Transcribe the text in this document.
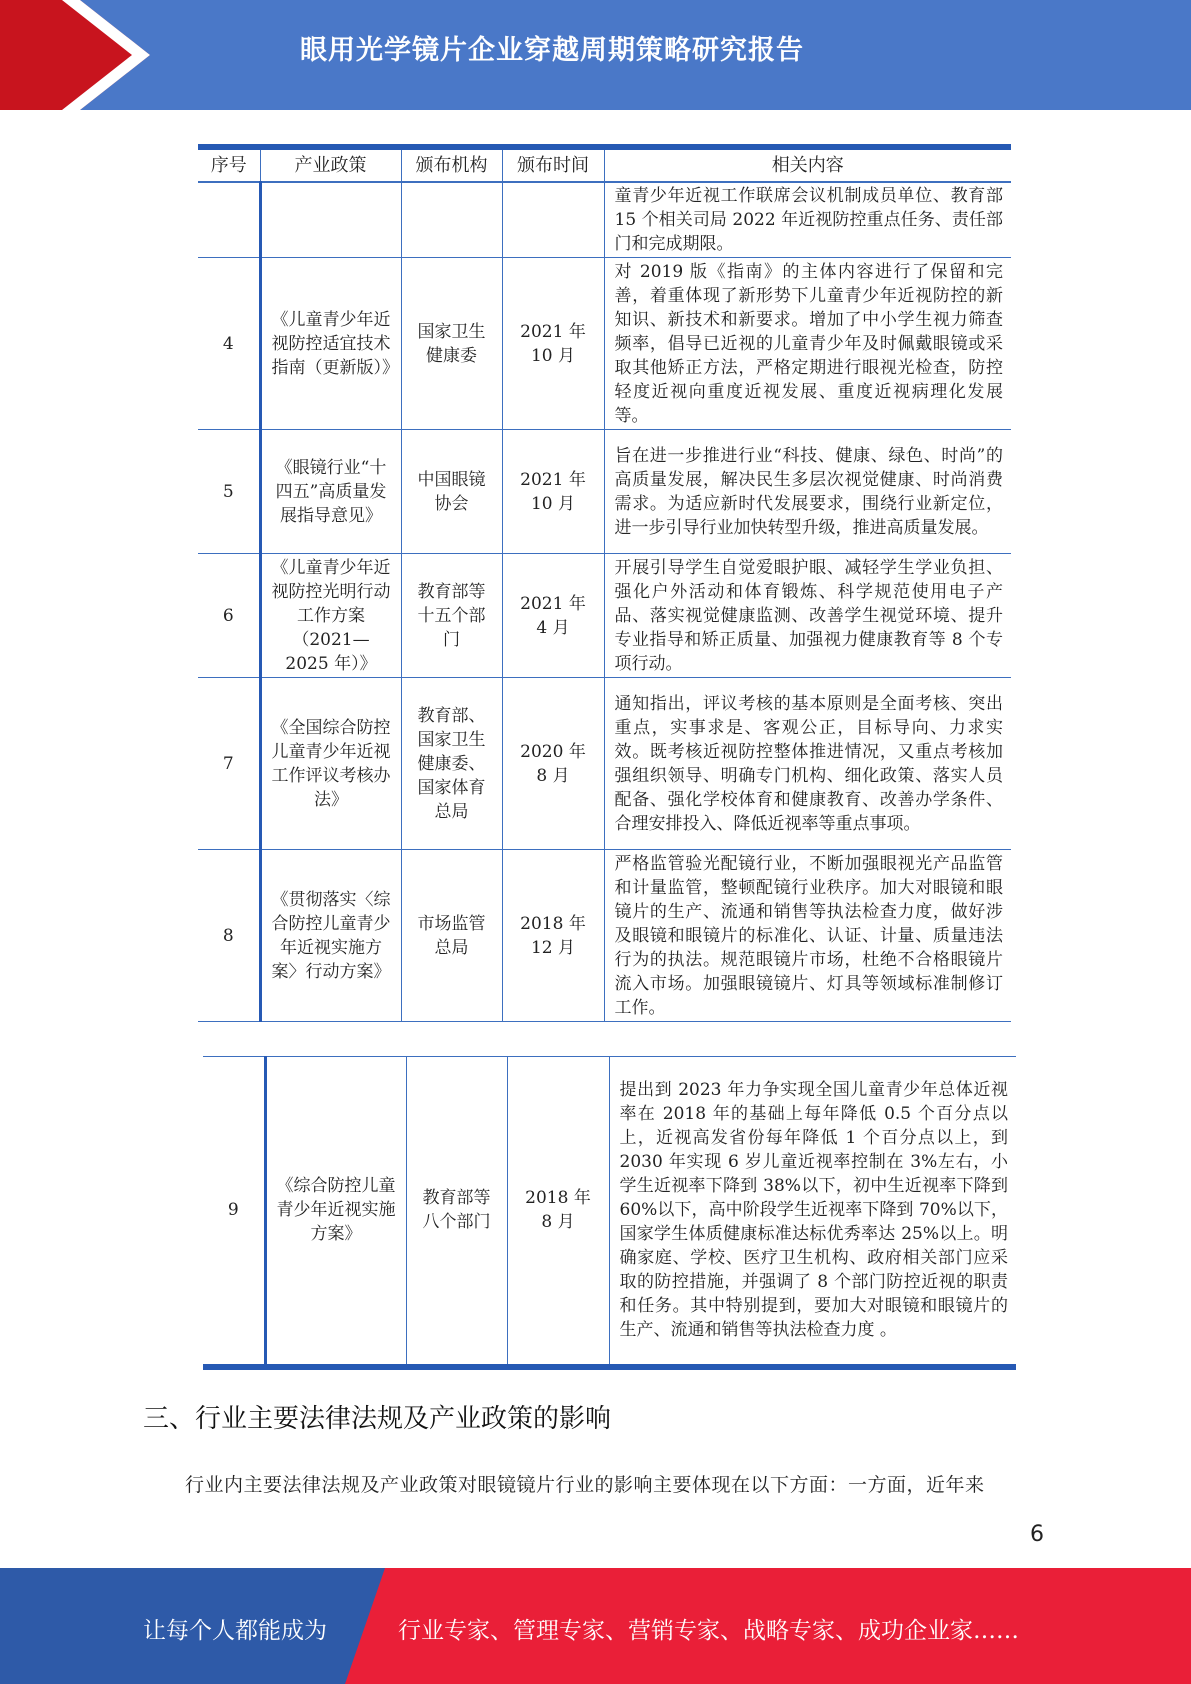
眼用光学镜片企业穿越周期策略研究报告
序号	产业政策	颁布机构	颁布时间	相关内容
				童青少年近视工作联席会议机制成员单位、教育部 15 个相关司局 2022 年近视防控重点任务、责任部门和完成期限。
4	《儿童青少年近视防控适宜技术指南（更新版）》	国家卫生健康委	2021 年 10 月	对 2019 版《指南》的主体内容进行了保留和完善，着重体现了新形势下儿童青少年近视防控的新知识、新技术和新要求。增加了中小学生视力筛查频率，倡导已近视的儿童青少年及时佩戴眼镜或采取其他矫正方法，严格定期进行眼视光检查，防控轻度近视向重度近视发展、重度近视病理化发展等。
5	《眼镜行业“十四五”高质量发展指导意见》	中国眼镜协会	2021 年 10 月	旨在进一步推进行业“科技、健康、绿色、时尚”的高质量发展，解决民生多层次视觉健康、时尚消费需求。为适应新时代发展要求，围绕行业新定位，进一步引导行业加快转型升级，推进高质量发展。
6	《儿童青少年近视防控光明行动工作方案（2021—2025 年）》	教育部等十五个部门	2021 年 4 月	开展引导学生自觉爱眼护眼、减轻学生学业负担、强化户外活动和体育锻炼、科学规范使用电子产品、落实视觉健康监测、改善学生视觉环境、提升专业指导和矫正质量、加强视力健康教育等 8 个专项行动。
7	《全国综合防控儿童青少年近视工作评议考核办法》	教育部、国家卫生健康委、国家体育总局	2020 年 8 月	通知指出，评议考核的基本原则是全面考核、突出重点，实事求是、客观公正，目标导向、力求实效。既考核近视防控整体推进情况，又重点考核加强组织领导、明确专门机构、细化政策、落实人员配备、强化学校体育和健康教育、改善办学条件、合理安排投入、降低近视率等重点事项。
8	《贯彻落实〈综合防控儿童青少年近视实施方案〉行动方案》	市场监管总局	2018 年 12 月	严格监管验光配镜行业，不断加强眼视光产品监管和计量监管，整顿配镜行业秩序。加大对眼镜和眼镜片的生产、流通和销售等执法检查力度，做好涉及眼镜和眼镜片的标准化、认证、计量、质量违法行为的执法。规范眼镜片市场，杜绝不合格眼镜片流入市场。加强眼镜镜片、灯具等领域标准制修订工作。
9	《综合防控儿童青少年近视实施方案》	教育部等八个部门	2018 年 8 月	提出到 2023 年力争实现全国儿童青少年总体近视率在 2018 年的基础上每年降低 0.5 个百分点以上，近视高发省份每年降低 1 个百分点以上，到 2030 年实现 6 岁儿童近视率控制在 3%左右，小学生近视率下降到 38%以下，初中生近视率下降到 60%以下，高中阶段学生近视率下降到 70%以下，国家学生体质健康标准达标优秀率达 25%以上。明确家庭、学校、医疗卫生机构、政府相关部门应采取的防控措施，并强调了 8 个部门防控近视的职责和任务。其中特别提到，要加大对眼镜和眼镜片的生产、流通和销售等执法检查力度 。
三、行业主要法律法规及产业政策的影响
行业内主要法律法规及产业政策对眼镜镜片行业的影响主要体现在以下方面：一方面，近年来
6
让每个人都能成为	行业专家、管理专家、营销专家、战略专家、成功企业家……
